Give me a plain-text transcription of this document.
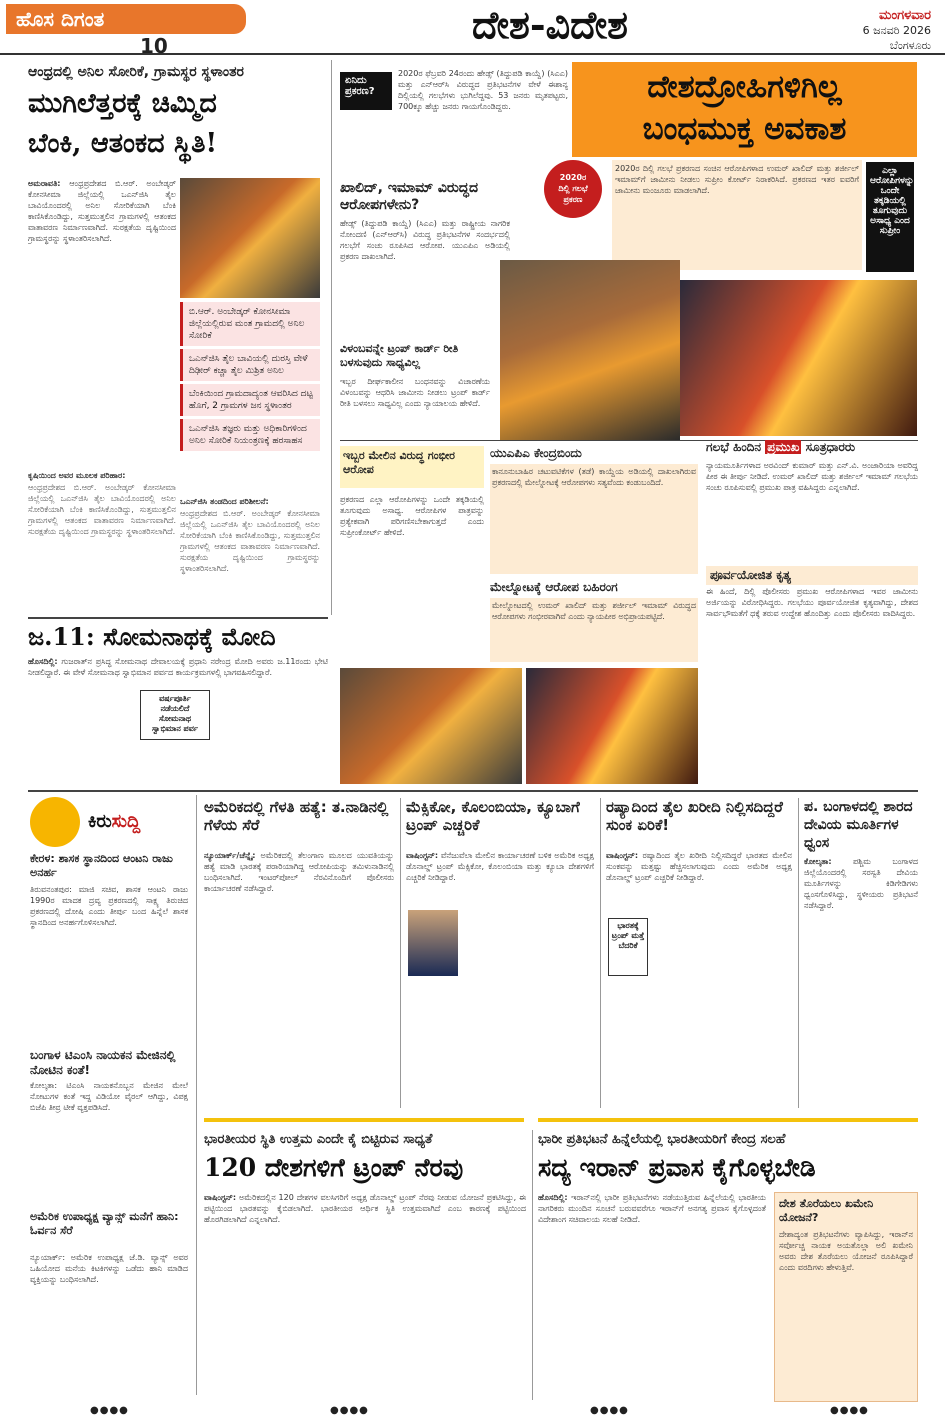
ಹೊಸ ದಿಗಂತ
10	ದೇಶ-ವಿದೇಶ	ಮಂಗಳವಾರ
6 ಜನವರಿ 2026
ಬೆಂಗಳೂರು
ಆಂಧ್ರದಲ್ಲಿ ಅನಿಲ ಸೋರಿಕೆ, ಗ್ರಾಮಸ್ಥರ ಸ್ಥಳಾಂತರ
ಮುಗಿಲೆತ್ತರಕ್ಕೆ ಚಿಮ್ಮಿದ
ಬೆಂಕಿ, ಆತಂಕದ ಸ್ಥಿತಿ!
ಅಮರಾವತಿ: ಆಂಧ್ರಪ್ರದೇಶದ ಬಿ.ಆರ್. ಅಂಬೇಡ್ಕರ್ ಕೋನಸೀಮಾ ಜಿಲ್ಲೆಯಲ್ಲಿ ಒಎನ್‌ಜಿಸಿ ತೈಲ ಬಾವಿಯೊಂದರಲ್ಲಿ ಅನಿಲ ಸೋರಿಕೆಯಾಗಿ ಬೆಂಕಿ ಕಾಣಿಸಿಕೊಂಡಿದ್ದು, ಸುತ್ತಮುತ್ತಲಿನ ಗ್ರಾಮಗಳಲ್ಲಿ ಆತಂಕದ ವಾತಾವರಣ ನಿರ್ಮಾಣವಾಗಿದೆ. ಸುರಕ್ಷತೆಯ ದೃಷ್ಟಿಯಿಂದ ಗ್ರಾಮಸ್ಥರನ್ನು ಸ್ಥಳಾಂತರಿಸಲಾಗಿದೆ.
ಬಿ.ಆರ್. ಅಂಬೇಡ್ಕರ್ ಕೋನಸೀಮಾ ಜಿಲ್ಲೆಯಲ್ಲಿರುವ ಮಂತ ಗ್ರಾಮದಲ್ಲಿ ಅನಿಲ ಸೋರಿಕೆ
ಒಎನ್‌ಜಿಸಿ ತೈಲ ಬಾವಿಯಲ್ಲಿ ದುರಸ್ತಿ ವೇಳೆ ದಿಢೀರ್ ಕಚ್ಚಾ ತೈಲ ಮಿಶ್ರಿತ ಅನಿಲ
ಬೆಂಕಿಯಿಂದ ಗ್ರಾಮದಾದ್ಯಂತ ಆವರಿಸಿದ ದಟ್ಟ ಹೊಗೆ, 2 ಗ್ರಾಮಗಳ ಜನ ಸ್ಥಳಾಂತರ
ಒಎನ್‌ಜಿಸಿ ತಜ್ಞರು ಮತ್ತು ಅಧಿಕಾರಿಗಳಿಂದ ಅನಿಲ ಸೋರಿಕೆ ನಿಯಂತ್ರಣಕ್ಕೆ ಹರಸಾಹಸ
ಕೃಷಿಯಿಂದ ಅವರ ಮೂಲಕ ಪರಿಹಾರ:
ಒಎನ್‌ಜಿಸಿ ತಂಡದಿಂದ ಪರಿಶೀಲನೆ:
ಆಂಧ್ರಪ್ರದೇಶದ ಬಿ.ಆರ್. ಅಂಬೇಡ್ಕರ್ ಕೋನಸೀಮಾ ಜಿಲ್ಲೆಯಲ್ಲಿ ಒಎನ್‌ಜಿಸಿ ತೈಲ ಬಾವಿಯೊಂದರಲ್ಲಿ ಅನಿಲ ಸೋರಿಕೆಯಾಗಿ ಬೆಂಕಿ ಕಾಣಿಸಿಕೊಂಡಿದ್ದು, ಸುತ್ತಮುತ್ತಲಿನ ಗ್ರಾಮಗಳಲ್ಲಿ ಆತಂಕದ ವಾತಾವರಣ ನಿರ್ಮಾಣವಾಗಿದೆ. ಸುರಕ್ಷತೆಯ ದೃಷ್ಟಿಯಿಂದ ಗ್ರಾಮಸ್ಥರನ್ನು ಸ್ಥಳಾಂತರಿಸಲಾಗಿದೆ.
ಆಂಧ್ರಪ್ರದೇಶದ ಬಿ.ಆರ್. ಅಂಬೇಡ್ಕರ್ ಕೋನಸೀಮಾ ಜಿಲ್ಲೆಯಲ್ಲಿ ಒಎನ್‌ಜಿಸಿ ತೈಲ ಬಾವಿಯೊಂದರಲ್ಲಿ ಅನಿಲ ಸೋರಿಕೆಯಾಗಿ ಬೆಂಕಿ ಕಾಣಿಸಿಕೊಂಡಿದ್ದು, ಸುತ್ತಮುತ್ತಲಿನ ಗ್ರಾಮಗಳಲ್ಲಿ ಆತಂಕದ ವಾತಾವರಣ ನಿರ್ಮಾಣವಾಗಿದೆ. ಸುರಕ್ಷತೆಯ ದೃಷ್ಟಿಯಿಂದ ಗ್ರಾಮಸ್ಥರನ್ನು ಸ್ಥಳಾಂತರಿಸಲಾಗಿದೆ.
ಜ.11: ಸೋಮನಾಥಕ್ಕೆ ಮೋದಿ
ಹೊಸದಿಲ್ಲಿ: ಗುಜರಾತ್‌ನ ಪ್ರಸಿದ್ಧ ಸೋಮನಾಥ ದೇವಾಲಯಕ್ಕೆ ಪ್ರಧಾನಿ ನರೇಂದ್ರ ಮೋದಿ ಅವರು ಜ.11ರಂದು ಭೇಟಿ ನೀಡಲಿದ್ದಾರೆ. ಈ ವೇಳೆ ಸೋಮನಾಥ ಸ್ವಾಭಿಮಾನ ಪರ್ವದ ಕಾರ್ಯಕ್ರಮಗಳಲ್ಲಿ ಭಾಗವಹಿಸಲಿದ್ದಾರೆ.
ವರ್ಷಪೂರ್ತಿ ನಡೆಯಲಿದೆ ಸೋಮನಾಥ ಸ್ವಾಭಿಮಾನ ಪರ್ವ
ಏನಿದು ಪ್ರಕರಣ?
2020ರ ಫೆಬ್ರವರಿ 24ರಂದು ಹೇಡ್ಸ್ (ತಿದ್ದುಪಡಿ ಕಾಯ್ದೆ) (ಸಿಎಎ) ಮತ್ತು ಎನ್‌ಆರ್‌ಸಿ ವಿರುದ್ಧದ ಪ್ರತಿಭಟನೆಗಳ ವೇಳೆ ಈಶಾನ್ಯ ದಿಲ್ಲಿಯಲ್ಲಿ ಗಲಭೆಗಳು ಭುಗಿಲೆದ್ದವು. 53 ಜನರು ಮೃತಪಟ್ಟರು, 700ಕ್ಕೂ ಹೆಚ್ಚು ಜನರು ಗಾಯಗೊಂಡಿದ್ದರು.
ದೇಶದ್ರೋಹಿಗಳಿಗಿಲ್ಲ
ಬಂಧಮುಕ್ತ ಅವಕಾಶ
2020ರ ದಿಲ್ಲಿ ಗಲಭೆ ಪ್ರಕರಣದ ಸಂಚಿನ ಆರೋಪಿಗಳಾದ ಉಮರ್ ಖಾಲಿದ್ ಮತ್ತು ಶರ್ಜೀಲ್ ಇಮಾಮ್‌ಗೆ ಜಾಮೀನು ನೀಡಲು ಸುಪ್ರೀಂ ಕೋರ್ಟ್ ನಿರಾಕರಿಸಿದೆ. ಪ್ರಕರಣದ ಇತರ ಐವರಿಗೆ ಜಾಮೀನು ಮಂಜೂರು ಮಾಡಲಾಗಿದೆ.
ಎಲ್ಲಾ ಆರೋಪಿಗಳನ್ನು ಒಂದೇ ತಕ್ಕಡಿಯಲ್ಲಿ ತೂಗುವುದು ಅಸಾಧ್ಯ ಎಂದ ಸುಪ್ರೀಂ
2020ರ
ದಿಲ್ಲಿ ಗಲಭೆ
ಪ್ರಕರಣ
ಖಾಲಿದ್, ಇಮಾಮ್ ವಿರುದ್ಧದ ಆರೋಪಗಳೇನು?
ಹೇಡ್ಸ್ (ತಿದ್ದುಪಡಿ ಕಾಯ್ದೆ) (ಸಿಎಎ) ಮತ್ತು ರಾಷ್ಟ್ರೀಯ ನಾಗರಿಕ ನೋಂದಣಿ (ಎನ್‌ಆರ್‌ಸಿ) ವಿರುದ್ಧ ಪ್ರತಿಭಟನೆಗಳ ಸಂದರ್ಭದಲ್ಲಿ ಗಲಭೆಗೆ ಸಂಚು ರೂಪಿಸಿದ ಆರೋಪ. ಯುಎಪಿಎ ಅಡಿಯಲ್ಲಿ ಪ್ರಕರಣ ದಾಖಲಾಗಿದೆ.
ವಿಳಂಬವನ್ನೇ ಟ್ರಂಪ್ ಕಾರ್ಡ್ ರೀತಿ ಬಳಸುವುದು ಸಾಧ್ಯವಿಲ್ಲ
ಇಬ್ಬರ ದೀರ್ಘಕಾಲೀನ ಬಂಧನವನ್ನು ವಿಚಾರಣೆಯ ವಿಳಂಬವನ್ನು ಆಧರಿಸಿ ಜಾಮೀನು ನೀಡಲು ಟ್ರಂಪ್ ಕಾರ್ಡ್ ರೀತಿ ಬಳಸಲು ಸಾಧ್ಯವಿಲ್ಲ ಎಂದು ನ್ಯಾಯಾಲಯ ಹೇಳಿದೆ.
ಇಬ್ಬರ ಮೇಲಿನ ವಿರುದ್ಧ ಗಂಭೀರ ಆರೋಪ
ಪ್ರಕರಣದ ಎಲ್ಲಾ ಆರೋಪಿಗಳನ್ನು ಒಂದೇ ತಕ್ಕಡಿಯಲ್ಲಿ ತೂಗುವುದು ಅಸಾಧ್ಯ. ಆರೋಪಿಗಳ ಪಾತ್ರವನ್ನು ಪ್ರತ್ಯೇಕವಾಗಿ ಪರಿಗಣಿಸಬೇಕಾಗುತ್ತದೆ ಎಂದು ಸುಪ್ರೀಂಕೋರ್ಟ್ ಹೇಳಿದೆ.
ಯುಎಪಿಎ ಕೇಂದ್ರಬಿಂದು
ಕಾನೂನುಬಾಹಿರ ಚಟುವಟಿಕೆಗಳ (ತಡೆ) ಕಾಯ್ದೆಯ ಅಡಿಯಲ್ಲಿ ದಾಖಲಾಗಿರುವ ಪ್ರಕರಣದಲ್ಲಿ ಮೇಲ್ನೋಟಕ್ಕೆ ಆರೋಪಗಳು ಸತ್ಯವೆಂದು ಕಂಡುಬಂದಿದೆ.
ಮೇಲ್ನೋಟಕ್ಕೆ ಆರೋಪ ಬಹಿರಂಗ
ಮೇಲ್ನೋಟದಲ್ಲಿ ಉಮರ್ ಖಾಲಿದ್ ಮತ್ತು ಶರ್ಜೀಲ್ ಇಮಾಮ್ ವಿರುದ್ಧದ ಆರೋಪಗಳು ಗಂಭೀರವಾಗಿವೆ ಎಂದು ನ್ಯಾಯಪೀಠ ಅಭಿಪ್ರಾಯಪಟ್ಟಿದೆ.
ಗಲಭೆ ಹಿಂದಿನ ಪ್ರಮುಖ ಸೂತ್ರಧಾರರು
ನ್ಯಾಯಮೂರ್ತಿಗಳಾದ ಅರವಿಂದ್ ಕುಮಾರ್ ಮತ್ತು ಎನ್.ವಿ. ಅಂಜಾರಿಯಾ ಅವರಿದ್ದ ಪೀಠ ಈ ತೀರ್ಪು ನೀಡಿದೆ. ಉಮರ್ ಖಾಲಿದ್ ಮತ್ತು ಶರ್ಜೀಲ್ ಇಮಾಮ್ ಗಲಭೆಯ ಸಂಚು ರೂಪಿಸುವಲ್ಲಿ ಪ್ರಮುಖ ಪಾತ್ರ ವಹಿಸಿದ್ದರು ಎನ್ನಲಾಗಿದೆ.
ಪೂರ್ವಯೋಜಿತ ಕೃತ್ಯ
ಈ ಹಿಂದೆ, ದಿಲ್ಲಿ ಪೊಲೀಸರು ಪ್ರಮುಖ ಆರೋಪಿಗಳಾದ ಇವರ ಜಾಮೀನು ಅರ್ಜಿಯನ್ನು ವಿರೋಧಿಸಿದ್ದರು. ಗಲಭೆಯು ಪೂರ್ವಯೋಜಿತ ಕೃತ್ಯವಾಗಿದ್ದು, ದೇಶದ ಸಾರ್ವಭೌಮತೆಗೆ ಧಕ್ಕೆ ತರುವ ಉದ್ದೇಶ ಹೊಂದಿತ್ತು ಎಂದು ಪೊಲೀಸರು ವಾದಿಸಿದ್ದರು.
ಕಿರುಸುದ್ದಿ
ಕೇರಳ: ಶಾಸಕ ಸ್ಥಾನದಿಂದ ಆಂಟನಿ ರಾಜು ಅನರ್ಹ
ತಿರುವನಂತಪುರ: ಮಾಜಿ ಸಚಿವ, ಶಾಸಕ ಆಂಟನಿ ರಾಜು 1990ರ ಮಾದಕ ದ್ರವ್ಯ ಪ್ರಕರಣದಲ್ಲಿ ಸಾಕ್ಷ್ಯ ತಿರುಚಿದ ಪ್ರಕರಣದಲ್ಲಿ ದೋಷಿ ಎಂದು ತೀರ್ಪು ಬಂದ ಹಿನ್ನೆಲೆ ಶಾಸಕ ಸ್ಥಾನದಿಂದ ಅನರ್ಹಗೊಳಿಸಲಾಗಿದೆ.
ಬಂಗಾಳ ಟಿಎಂಸಿ ನಾಯಕನ ಮೇಜಿನಲ್ಲಿ ನೋಟಿನ ಕಂತೆ!
ಕೋಲ್ಕತಾ: ಟಿಎಂಸಿ ನಾಯಕನೊಬ್ಬನ ಮೇಜಿನ ಮೇಲೆ ನೋಟುಗಳ ಕಂತೆ ಇದ್ದ ವಿಡಿಯೋ ವೈರಲ್ ಆಗಿದ್ದು, ವಿಪಕ್ಷ ಬಿಜೆಪಿ ತೀವ್ರ ಟೀಕೆ ವ್ಯಕ್ತಪಡಿಸಿದೆ.
ಅಮೆರಿಕ ಉಪಾಧ್ಯಕ್ಷ ವ್ಯಾನ್ಸ್ ಮನೆಗೆ ಹಾನಿ: ಓರ್ವನ ಸೆರೆ
ನ್ಯೂಯಾರ್ಕ್: ಅಮೆರಿಕ ಉಪಾಧ್ಯಕ್ಷ ಜೆ.ಡಿ. ವ್ಯಾನ್ಸ್ ಅವರ ಒಹಿಯೋದ ಮನೆಯ ಕಿಟಕಿಗಳನ್ನು ಒಡೆದು ಹಾನಿ ಮಾಡಿದ ವ್ಯಕ್ತಿಯನ್ನು ಬಂಧಿಸಲಾಗಿದೆ.
ಅಮೆರಿಕದಲ್ಲಿ ಗೆಳತಿ ಹತ್ಯೆ: ತ.ನಾಡಿನಲ್ಲಿ ಗೆಳೆಯ ಸೆರೆ
ನ್ಯೂಯಾರ್ಕ್/ಚೆನ್ನೈ: ಅಮೆರಿಕದಲ್ಲಿ ತೆಲಂಗಾಣ ಮೂಲದ ಯುವತಿಯನ್ನು ಹತ್ಯೆ ಮಾಡಿ ಭಾರತಕ್ಕೆ ಪರಾರಿಯಾಗಿದ್ದ ಆರೋಪಿಯನ್ನು ತಮಿಳುನಾಡಿನಲ್ಲಿ ಬಂಧಿಸಲಾಗಿದೆ. ಇಂಟರ್‌ಪೋಲ್ ನೆರವಿನೊಂದಿಗೆ ಪೊಲೀಸರು ಕಾರ್ಯಾಚರಣೆ ನಡೆಸಿದ್ದಾರೆ.
ಮೆಕ್ಸಿಕೋ, ಕೊಲಂಬಿಯಾ, ಕ್ಯೂಬಾಗೆ ಟ್ರಂಪ್ ಎಚ್ಚರಿಕೆ
ವಾಷಿಂಗ್ಟನ್: ವೆನೆಜುವೆಲಾ ಮೇಲಿನ ಕಾರ್ಯಾಚರಣೆ ಬಳಿಕ ಅಮೆರಿಕ ಅಧ್ಯಕ್ಷ ಡೊನಾಲ್ಡ್ ಟ್ರಂಪ್ ಮೆಕ್ಸಿಕೋ, ಕೊಲಂಬಿಯಾ ಮತ್ತು ಕ್ಯೂಬಾ ದೇಶಗಳಿಗೆ ಎಚ್ಚರಿಕೆ ನೀಡಿದ್ದಾರೆ.
ರಷ್ಯಾದಿಂದ ತೈಲ ಖರೀದಿ ನಿಲ್ಲಿಸದಿದ್ದರೆ ಸುಂಕ ಏರಿಕೆ!
ವಾಷಿಂಗ್ಟನ್: ರಷ್ಯಾದಿಂದ ತೈಲ ಖರೀದಿ ನಿಲ್ಲಿಸದಿದ್ದರೆ ಭಾರತದ ಮೇಲಿನ ಸುಂಕವನ್ನು ಮತ್ತಷ್ಟು ಹೆಚ್ಚಿಸಲಾಗುವುದು ಎಂದು ಅಮೆರಿಕ ಅಧ್ಯಕ್ಷ ಡೊನಾಲ್ಡ್ ಟ್ರಂಪ್ ಎಚ್ಚರಿಕೆ ನೀಡಿದ್ದಾರೆ.
ಭಾರತಕ್ಕೆ ಟ್ರಂಪ್ ಮತ್ತೆ ಬೆದರಿಕೆ
ಪ. ಬಂಗಾಳದಲ್ಲಿ ಶಾರದ ದೇವಿಯ ಮೂರ್ತಿಗಳ ಧ್ವಂಸ
ಕೋಲ್ಕತಾ:	ಪಶ್ಚಿಮ ಬಂಗಾಳದ ಜಿಲ್ಲೆಯೊಂದರಲ್ಲಿ ಸರಸ್ವತಿ ದೇವಿಯ ಮೂರ್ತಿಗಳನ್ನು ಕಿಡಿಗೇಡಿಗಳು ಧ್ವಂಸಗೊಳಿಸಿದ್ದು, ಸ್ಥಳೀಯರು ಪ್ರತಿಭಟನೆ ನಡೆಸಿದ್ದಾರೆ.
ಭಾರತೀಯರ ಸ್ಥಿತಿ ಉತ್ತಮ ಎಂದೇ ಕೈ ಬಿಟ್ಟಿರುವ ಸಾಧ್ಯತೆ
120 ದೇಶಗಳಿಗೆ ಟ್ರಂಪ್ ನೆರವು
ವಾಷಿಂಗ್ಟನ್: ಅಮೆರಿಕದಲ್ಲಿನ 120 ದೇಶಗಳ ವಲಸಿಗರಿಗೆ ಅಧ್ಯಕ್ಷ ಡೊನಾಲ್ಡ್ ಟ್ರಂಪ್ ನೆರವು ನೀಡುವ ಯೋಜನೆ ಪ್ರಕಟಿಸಿದ್ದು, ಈ ಪಟ್ಟಿಯಿಂದ ಭಾರತವನ್ನು ಕೈಬಿಡಲಾಗಿದೆ. ಭಾರತೀಯರ ಆರ್ಥಿಕ ಸ್ಥಿತಿ ಉತ್ತಮವಾಗಿದೆ ಎಂಬ ಕಾರಣಕ್ಕೆ ಪಟ್ಟಿಯಿಂದ ಹೊರಗಿಡಲಾಗಿದೆ ಎನ್ನಲಾಗಿದೆ.
ಭಾರೀ ಪ್ರತಿಭಟನೆ ಹಿನ್ನೆಲೆಯಲ್ಲಿ ಭಾರತೀಯರಿಗೆ ಕೇಂದ್ರ ಸಲಹೆ
ಸದ್ಯ ಇರಾನ್ ಪ್ರವಾಸ ಕೈಗೊಳ್ಳಬೇಡಿ
ಹೊಸದಿಲ್ಲಿ: ಇರಾನ್‌ನಲ್ಲಿ ಭಾರೀ ಪ್ರತಿಭಟನೆಗಳು ನಡೆಯುತ್ತಿರುವ ಹಿನ್ನೆಲೆಯಲ್ಲಿ ಭಾರತೀಯ ನಾಗರಿಕರು ಮುಂದಿನ ಸೂಚನೆ ಬರುವವರೆಗೂ ಇರಾನ್‌ಗೆ ಅನಗತ್ಯ ಪ್ರವಾಸ ಕೈಗೊಳ್ಳದಂತೆ ವಿದೇಶಾಂಗ ಸಚಿವಾಲಯ ಸಲಹೆ ನೀಡಿದೆ.
ದೇಶ ತೊರೆಯಲು ಖಮೇನಿ ಯೋಜನೆ?
ದೇಶಾದ್ಯಂತ ಪ್ರತಿಭಟನೆಗಳು ವ್ಯಾಪಿಸಿದ್ದು, ಇರಾನ್‌ನ ಸರ್ವೋಚ್ಚ ನಾಯಕ ಅಯತೊಲ್ಲಾ ಅಲಿ ಖಮೇನಿ ಅವರು ದೇಶ ತೊರೆಯಲು ಯೋಜನೆ ರೂಪಿಸಿದ್ದಾರೆ ಎಂದು ವರದಿಗಳು ಹೇಳುತ್ತಿವೆ.
●●●●	●●●●	●●●●	●●●●
